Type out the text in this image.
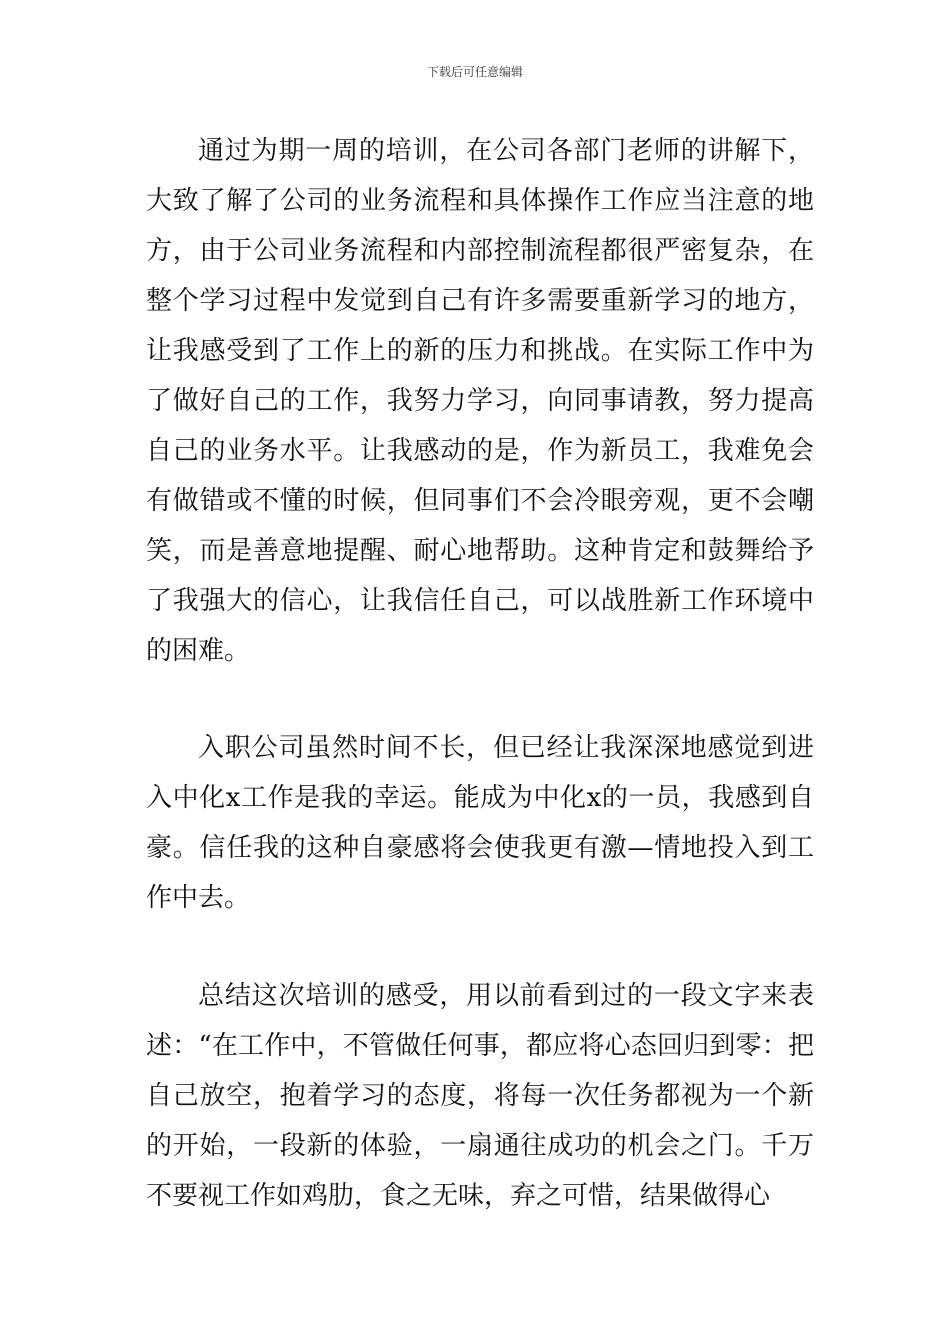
下载后可任意编辑

通过为期一周的培训，在公司各部门老师的讲解下，大致了解了公司的业务流程和具体操作工作应当注意的地方，由于公司业务流程和内部控制流程都很严密复杂，在整个学习过程中发觉到自己有许多需要重新学习的地方，让我感受到了工作上的新的压力和挑战。在实际工作中为了做好自己的工作，我努力学习，向同事请教，努力提高自己的业务水平。让我感动的是，作为新员工，我难免会有做错或不懂的时候，但同事们不会冷眼旁观，更不会嘲笑，而是善意地提醒、耐心地帮助。这种肯定和鼓舞给予了我强大的信心，让我信任自己，可以战胜新工作环境中的困难。

入职公司虽然时间不长，但已经让我深深地感觉到进入中化x工作是我的幸运。能成为中化x的一员，我感到自豪。信任我的这种自豪感将会使我更有激—情地投入到工作中去。

总结这次培训的感受，用以前看到过的一段文字来表述：“在工作中，不管做任何事，都应将心态回归到零：把自己放空，抱着学习的态度，将每一次任务都视为一个新的开始，一段新的体验，一扇通往成功的机会之门。千万不要视工作如鸡肋，食之无味，弃之可惜，结果做得心
